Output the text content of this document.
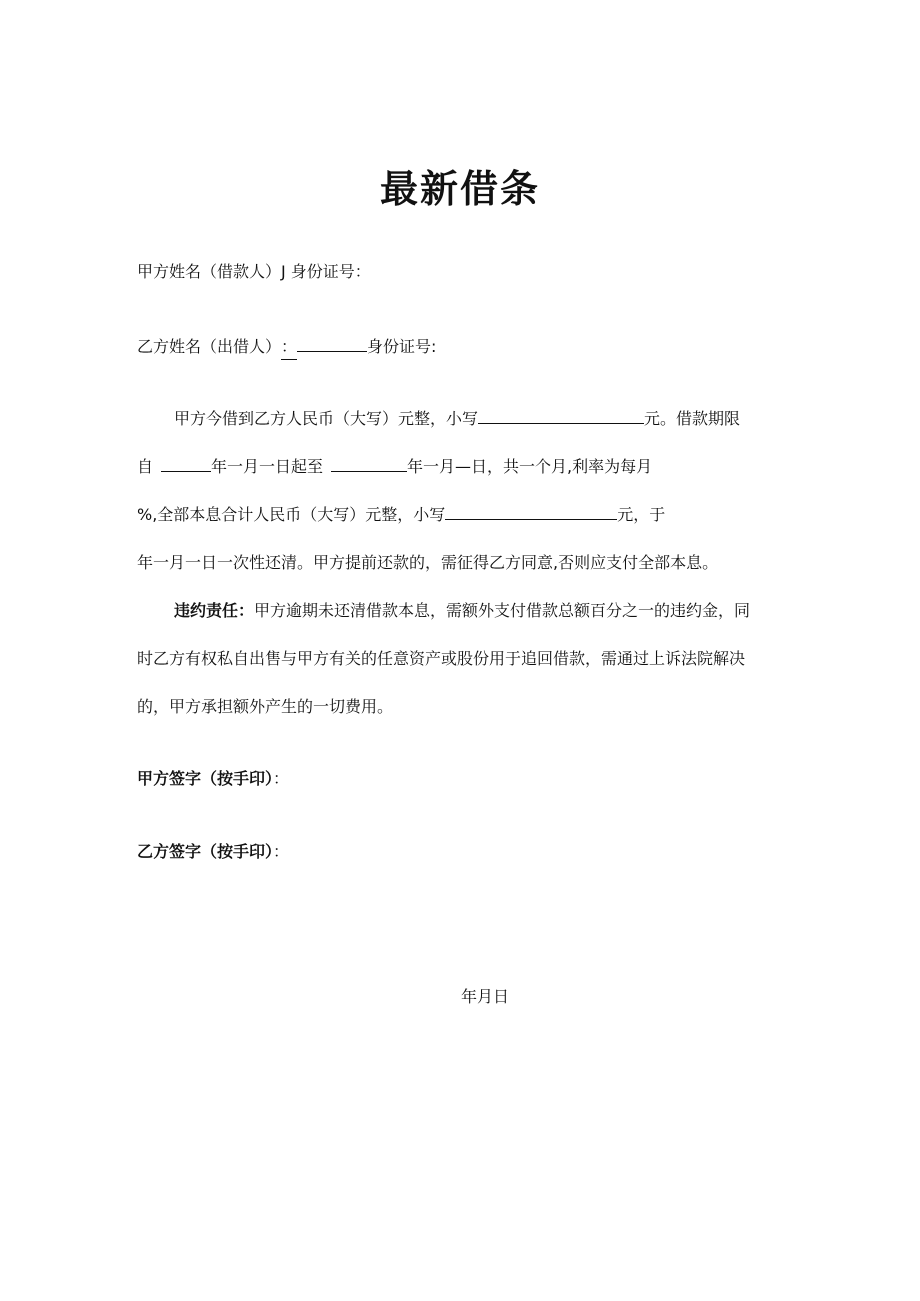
最新借条
甲方姓名（借款人）J 身份证号：
乙方姓名（出借人）：	身份证号:
甲方今借到乙方人民币（大写）元整，小写	元。借款期限
自	年一月一日起至	年一月—日，共一个月,利率为每月
%,全部本息合计人民币（大写）元整，小写	元，于
年一月一日一次性还清。甲方提前还款的，需征得乙方同意,否则应支付全部本息。
违约责任：甲方逾期未还清借款本息，需额外支付借款总额百分之一的违约金，同
时乙方有权私自出售与甲方有关的任意资产或股份用于追回借款，需通过上诉法院解决
的，甲方承担额外产生的一切费用。
甲方签字（按手印）：
乙方签字（按手印）：
年月日
